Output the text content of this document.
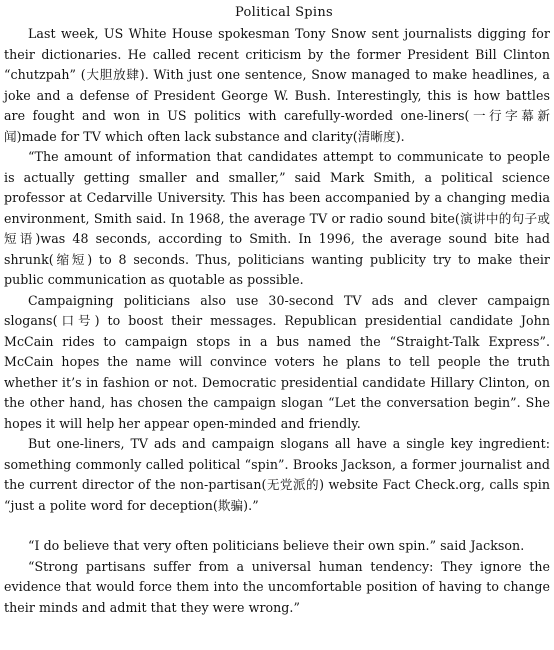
Political Spins

Last week, US White House spokesman Tony Snow sent journalists digging for their dictionaries. He called recent criticism by the former President Bill Clinton “chutzpah” (大胆放肆). With just one sentence, Snow managed to make headlines, a joke and a defense of President George W. Bush. Interestingly, this is how battles are fought and won in US politics with carefully-worded one-liners(一行字幕新闻)made for TV which often lack substance and clarity(清晰度).

“The amount of information that candidates attempt to communicate to people is actually getting smaller and smaller,” said Mark Smith, a political science professor at Cedarville University. This has been accompanied by a changing media environment, Smith said. In 1968, the average TV or radio sound bite(演讲中的句子或短语)was 48 seconds, according to Smith. In 1996, the average sound bite had shrunk(缩短) to 8 seconds. Thus, politicians wanting publicity try to make their public communication as quotable as possible.

Campaigning politicians also use 30-second TV ads and clever campaign slogans(口号) to boost their messages. Republican presidential candidate John McCain rides to campaign stops in a bus named the “Straight-Talk Express”. McCain hopes the name will convince voters he plans to tell people the truth whether it’s in fashion or not. Democratic presidential candidate Hillary Clinton, on the other hand, has chosen the campaign slogan “Let the conversation begin”. She hopes it will help her appear open-minded and friendly.

But one-liners, TV ads and campaign slogans all have a single key ingredient: something commonly called political “spin”. Brooks Jackson, a former journalist and the current director of the non-partisan(无党派的) website Fact Check.org, calls spin “just a polite word for deception(欺骗).”

“I do believe that very often politicians believe their own spin.” said Jackson.

“Strong partisans suffer from a universal human tendency: They ignore the evidence that would force them into the uncomfortable position of having to change their minds and admit that they were wrong.”
